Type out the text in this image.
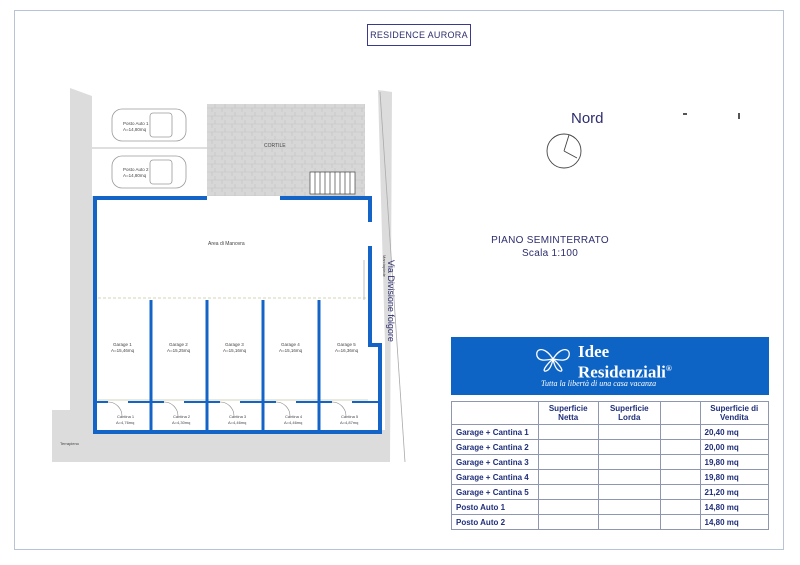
RESIDENCE AURORA
Posto Auto 1
A=14,80mq
Posto Auto 2
A=14,80mq
CORTILE
Area di Manovra
Marciapiede
Terrapieno
Garage 1
A=15,46mq
Garage 2
A=15,25mq
Garage 3
A=15,16mq
Garage 4
A=15,16mq
Garage 5
A=16,36mq
Cantina 1
A=4,76mq
Cantina 2
A=4,30mq
Cantina 3
A=4,46mq
Cantina 4
A=4,46mq
Cantina 5
A=4,87mq
Via Divisione folgore
Nord
PIANO SEMINTERRATO
Scala 1:100
Idee
Residenziali®
Tutta la libertà di una casa vacanza
	Superficie Netta	Superficie Lorda		Superficie di Vendita
Garage + Cantina 1				20,40 mq
Garage + Cantina 2				20,00 mq
Garage + Cantina 3				19,80 mq
Garage + Cantina 4				19,80 mq
Garage + Cantina 5				21,20 mq
Posto Auto 1				14,80 mq
Posto Auto 2				14,80 mq
